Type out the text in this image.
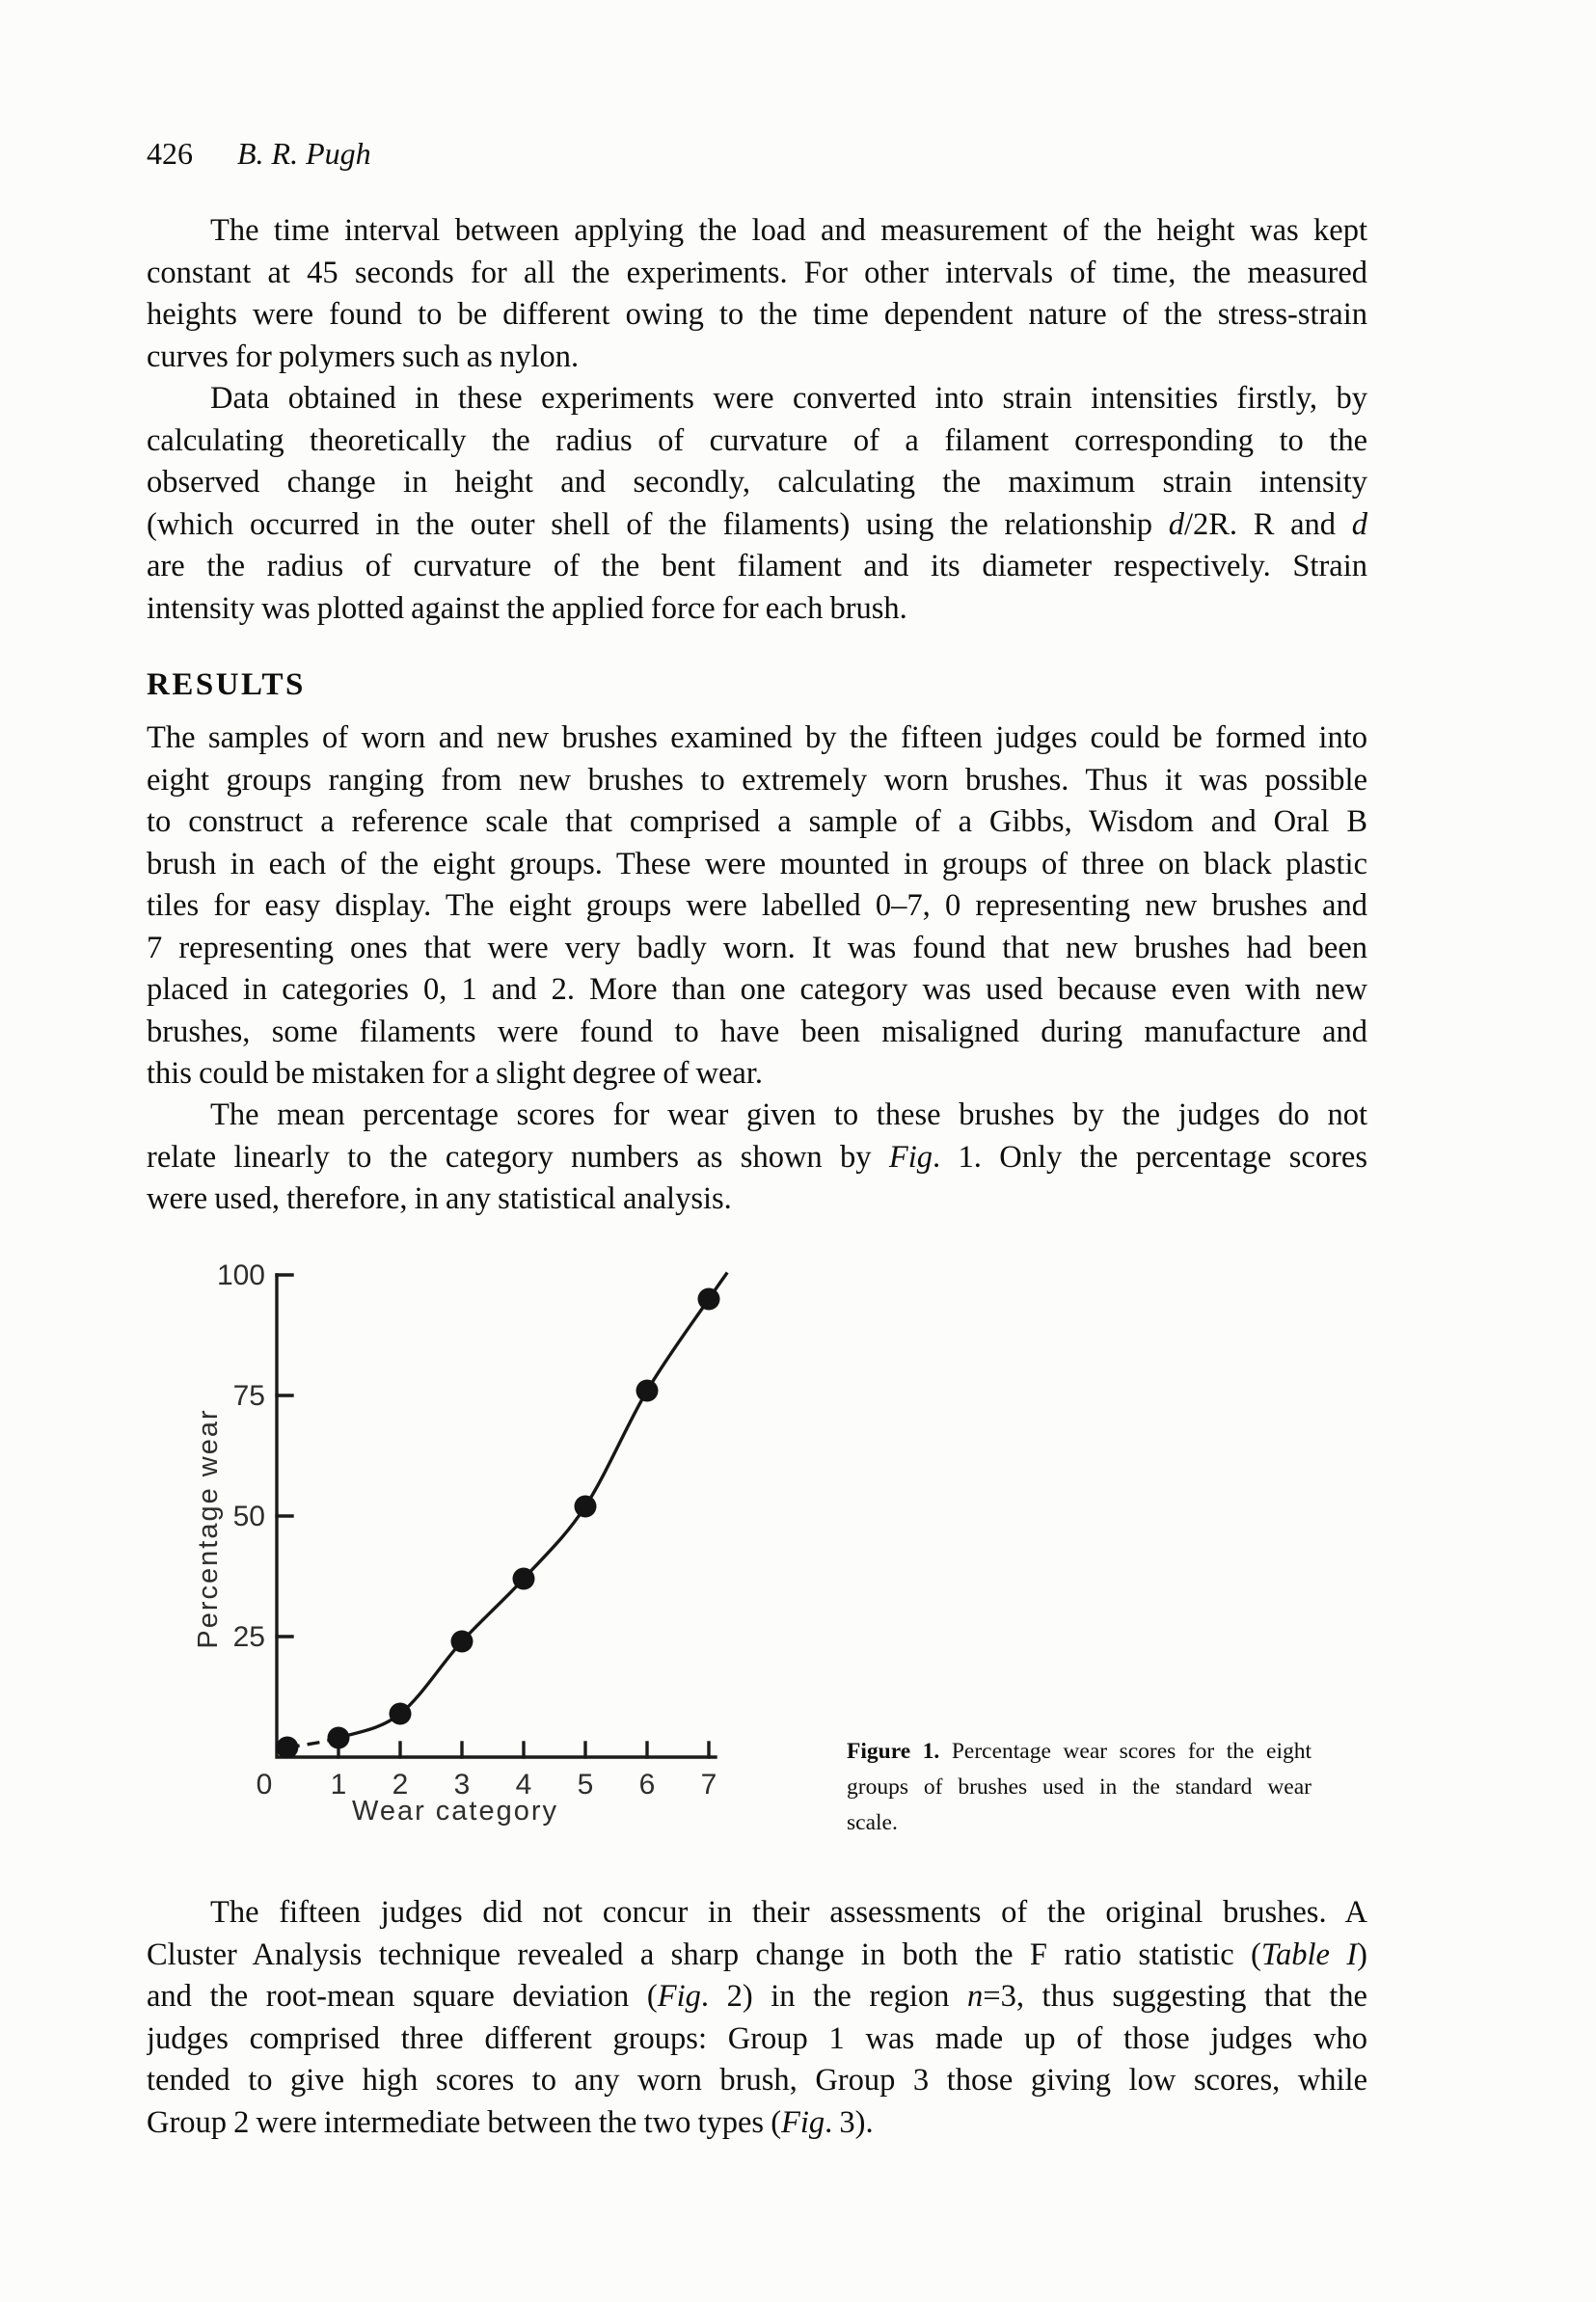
426 B. R. Pugh
The time interval between applying the load and measurement of the height was kept
constant at 45 seconds for all the experiments. For other intervals of time, the measured
heights were found to be different owing to the time dependent nature of the stress-strain
curves for polymers such as nylon.
Data obtained in these experiments were converted into strain intensities firstly, by
calculating theoretically the radius of curvature of a filament corresponding to the
observed change in height and secondly, calculating the maximum strain intensity
(which occurred in the outer shell of the filaments) using the relationship d/2R. R and d
are the radius of curvature of the bent filament and its diameter respectively. Strain
intensity was plotted against the applied force for each brush.
RESULTS
The samples of worn and new brushes examined by the fifteen judges could be formed into
eight groups ranging from new brushes to extremely worn brushes. Thus it was possible
to construct a reference scale that comprised a sample of a Gibbs, Wisdom and Oral B
brush in each of the eight groups. These were mounted in groups of three on black plastic
tiles for easy display. The eight groups were labelled 0–7, 0 representing new brushes and
7 representing ones that were very badly worn. It was found that new brushes had been
placed in categories 0, 1 and 2. More than one category was used because even with new
brushes, some filaments were found to have been misaligned during manufacture and
this could be mistaken for a slight degree of wear.
The mean percentage scores for wear given to these brushes by the judges do not
relate linearly to the category numbers as shown by Fig. 1. Only the percentage scores
were used, therefore, in any statistical analysis.
25
50
75
100
0 1 2 3 4 5 6 7
Wear category
Percentage wear
Figure 1. Percentage wear scores for the eight
groups of brushes used in the standard wear
scale.
The fifteen judges did not concur in their assessments of the original brushes. A
Cluster Analysis technique revealed a sharp change in both the F ratio statistic (Table I)
and the root-mean square deviation (Fig. 2) in the region n=3, thus suggesting that the
judges comprised three different groups: Group 1 was made up of those judges who
tended to give high scores to any worn brush, Group 3 those giving low scores, while
Group 2 were intermediate between the two types (Fig. 3).
